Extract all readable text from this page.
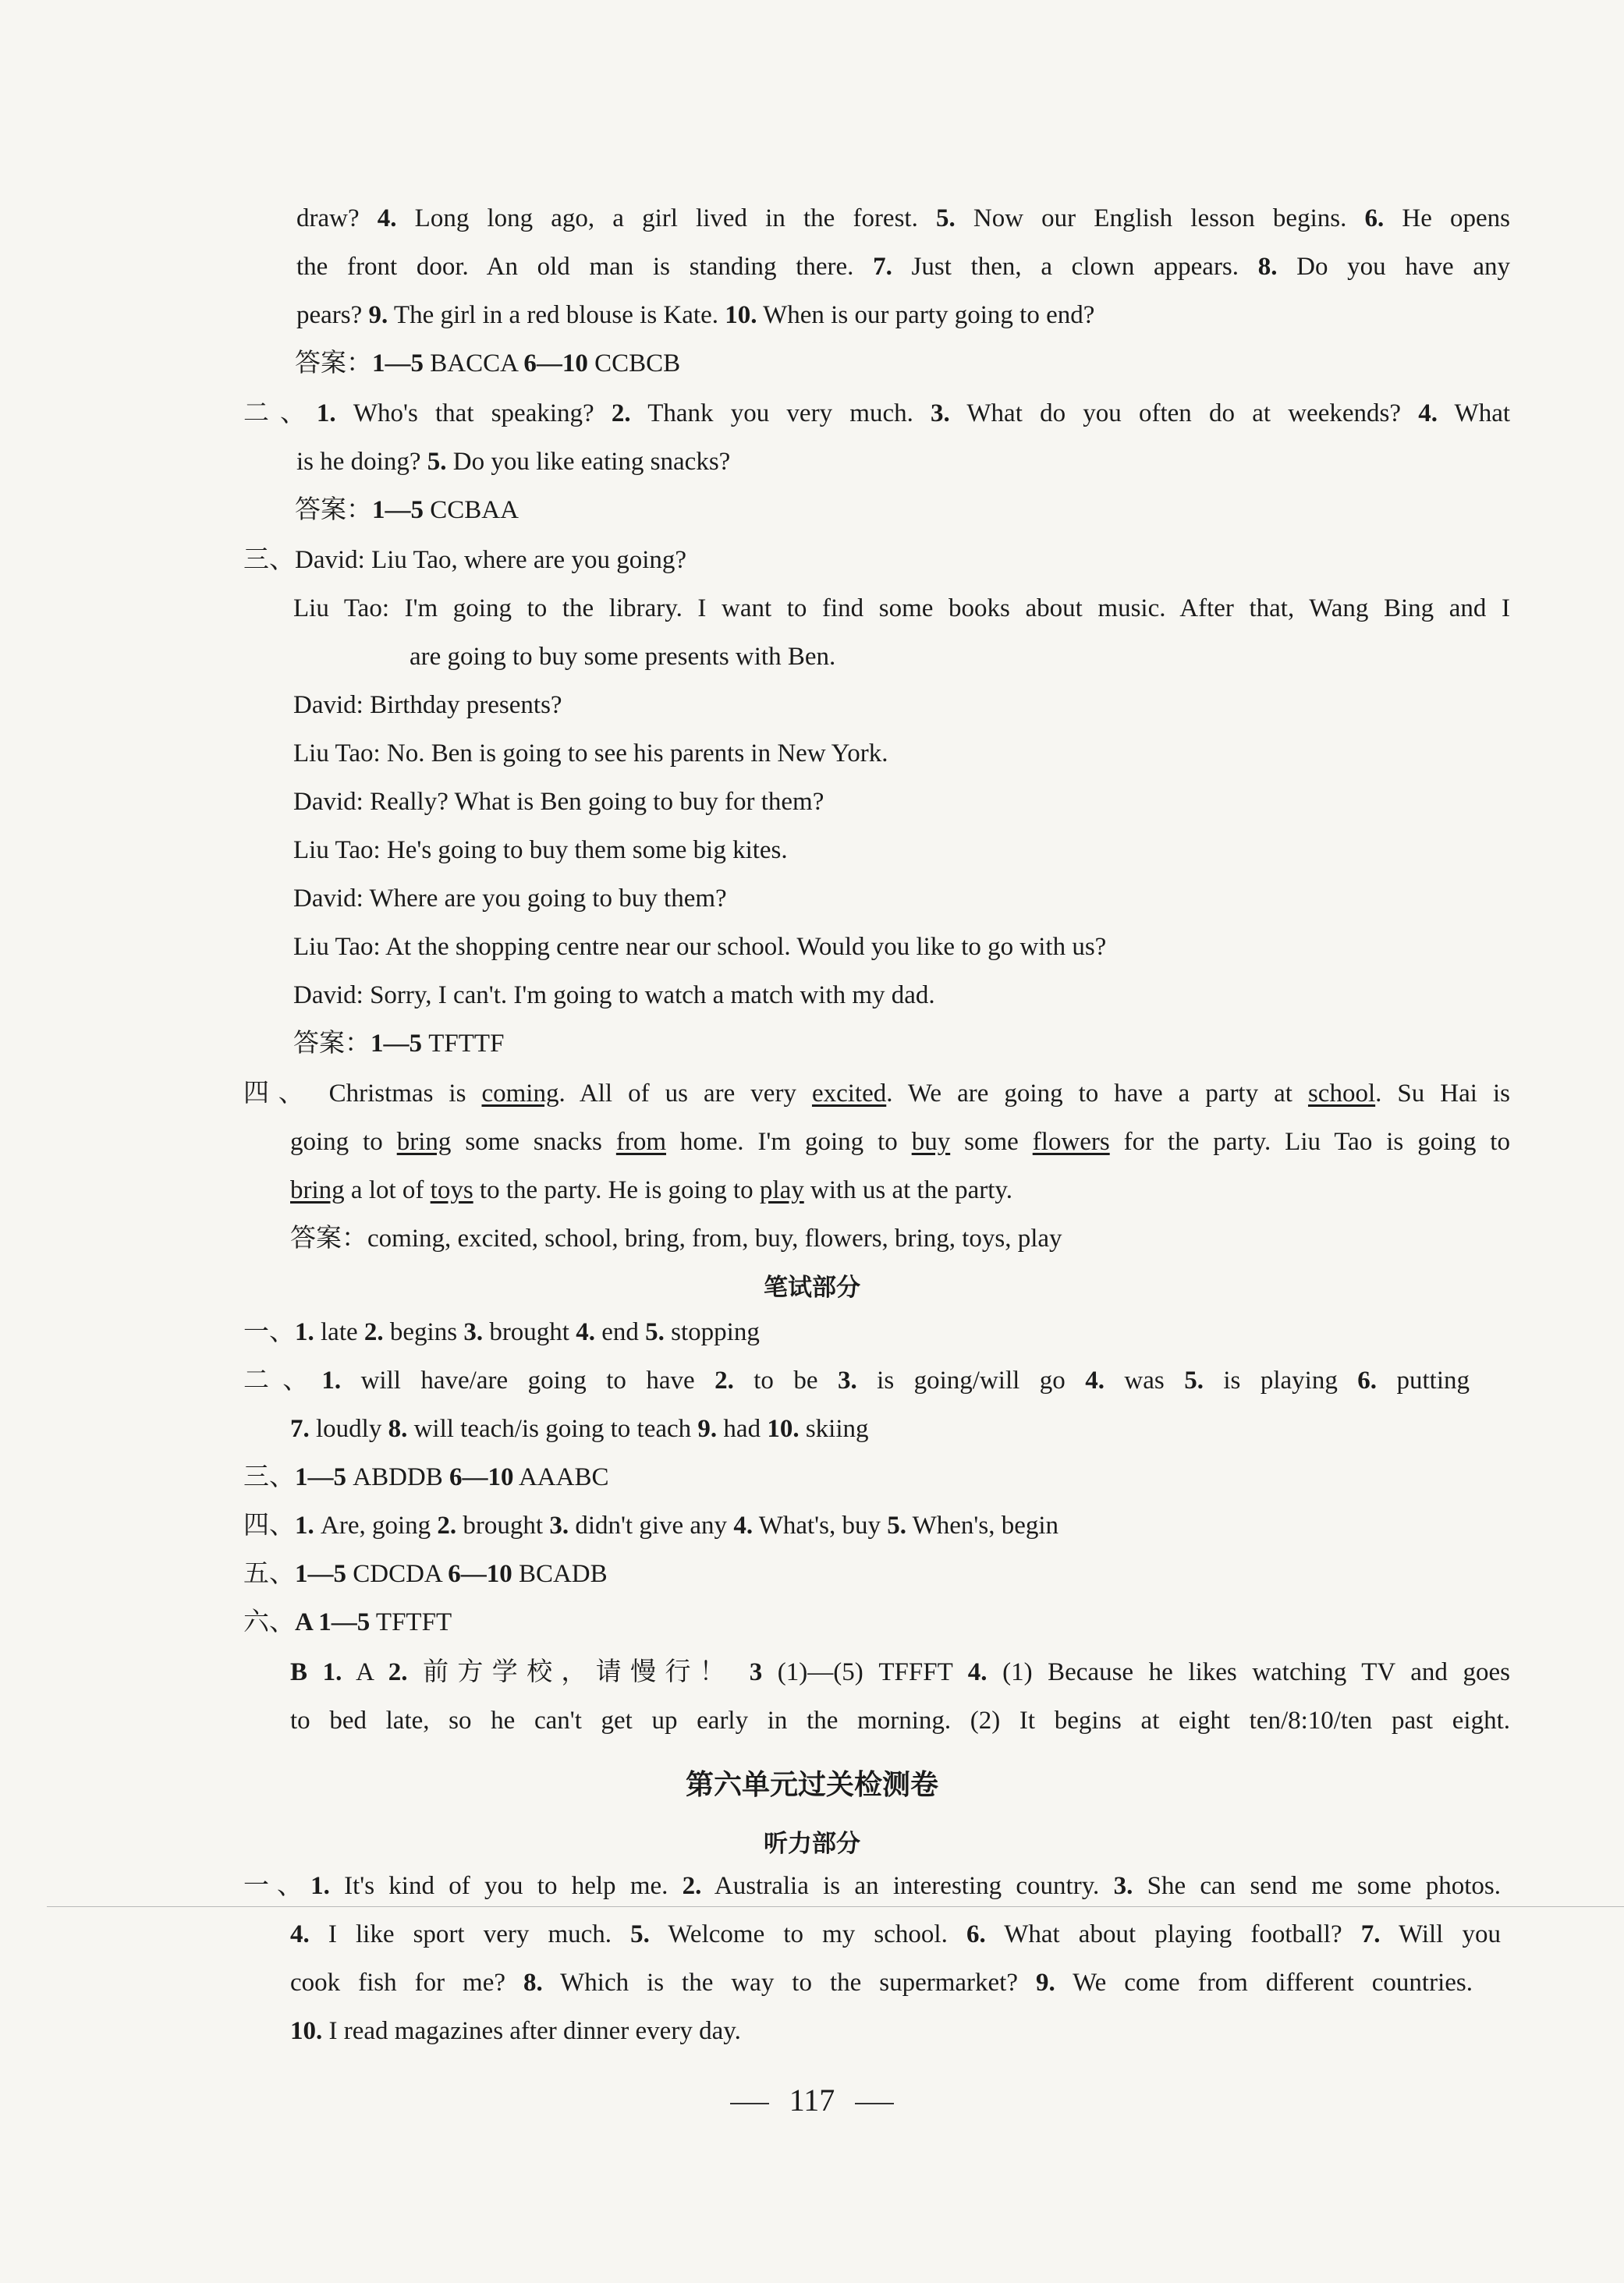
draw? 4. Long long ago, a girl lived in the forest. 5. Now our English lesson begins. 6. He opens
the front door. An old man is standing there. 7. Just then, a clown appears. 8. Do you have any
pears? 9. The girl in a red blouse is Kate. 10. When is our party going to end?
答案：1—5 BACCA 6—10 CCBCB
二、1. Who's that speaking? 2. Thank you very much. 3. What do you often do at weekends? 4. What
is he doing? 5. Do you like eating snacks?
答案：1—5 CCBAA
三、David: Liu Tao, where are you going?
Liu Tao: I'm going to the library. I want to find some books about music. After that, Wang Bing and I
are going to buy some presents with Ben.
David: Birthday presents?
Liu Tao: No. Ben is going to see his parents in New York.
David: Really? What is Ben going to buy for them?
Liu Tao: He's going to buy them some big kites.
David: Where are you going to buy them?
Liu Tao: At the shopping centre near our school. Would you like to go with us?
David: Sorry, I can't. I'm going to watch a match with my dad.
答案：1—5 TFTTF
四、 Christmas is coming. All of us are very excited. We are going to have a party at school. Su Hai is
going to bring some snacks from home. I'm going to buy some flowers for the party. Liu Tao is going to
bring a lot of toys to the party. He is going to play with us at the party.
答案：coming, excited, school, bring, from, buy, flowers, bring, toys, play
笔试部分
一、1. late 2. begins 3. brought 4. end 5. stopping
二、1. will have/are going to have 2. to be 3. is going/will go 4. was 5. is playing 6. putting
7. loudly 8. will teach/is going to teach 9. had 10. skiing
三、1—5 ABDDB 6—10 AAABC
四、1. Are, going 2. brought 3. didn't give any 4. What's, buy 5. When's, begin
五、1—5 CDCDA 6—10 BCADB
六、A 1—5 TFTFT
B 1. A 2. 前方学校，请慢行！ 3 (1)—(5) TFFFT 4. (1) Because he likes watching TV and goes
to bed late, so he can't get up early in the morning. (2) It begins at eight ten/8:10/ten past eight.
第六单元过关检测卷
听力部分
一、1. It's kind of you to help me. 2. Australia is an interesting country. 3. She can send me some photos.
4. I like sport very much. 5. Welcome to my school. 6. What about playing football? 7. Will you
cook fish for me? 8. Which is the way to the supermarket? 9. We come from different countries.
10. I read magazines after dinner every day.
117
